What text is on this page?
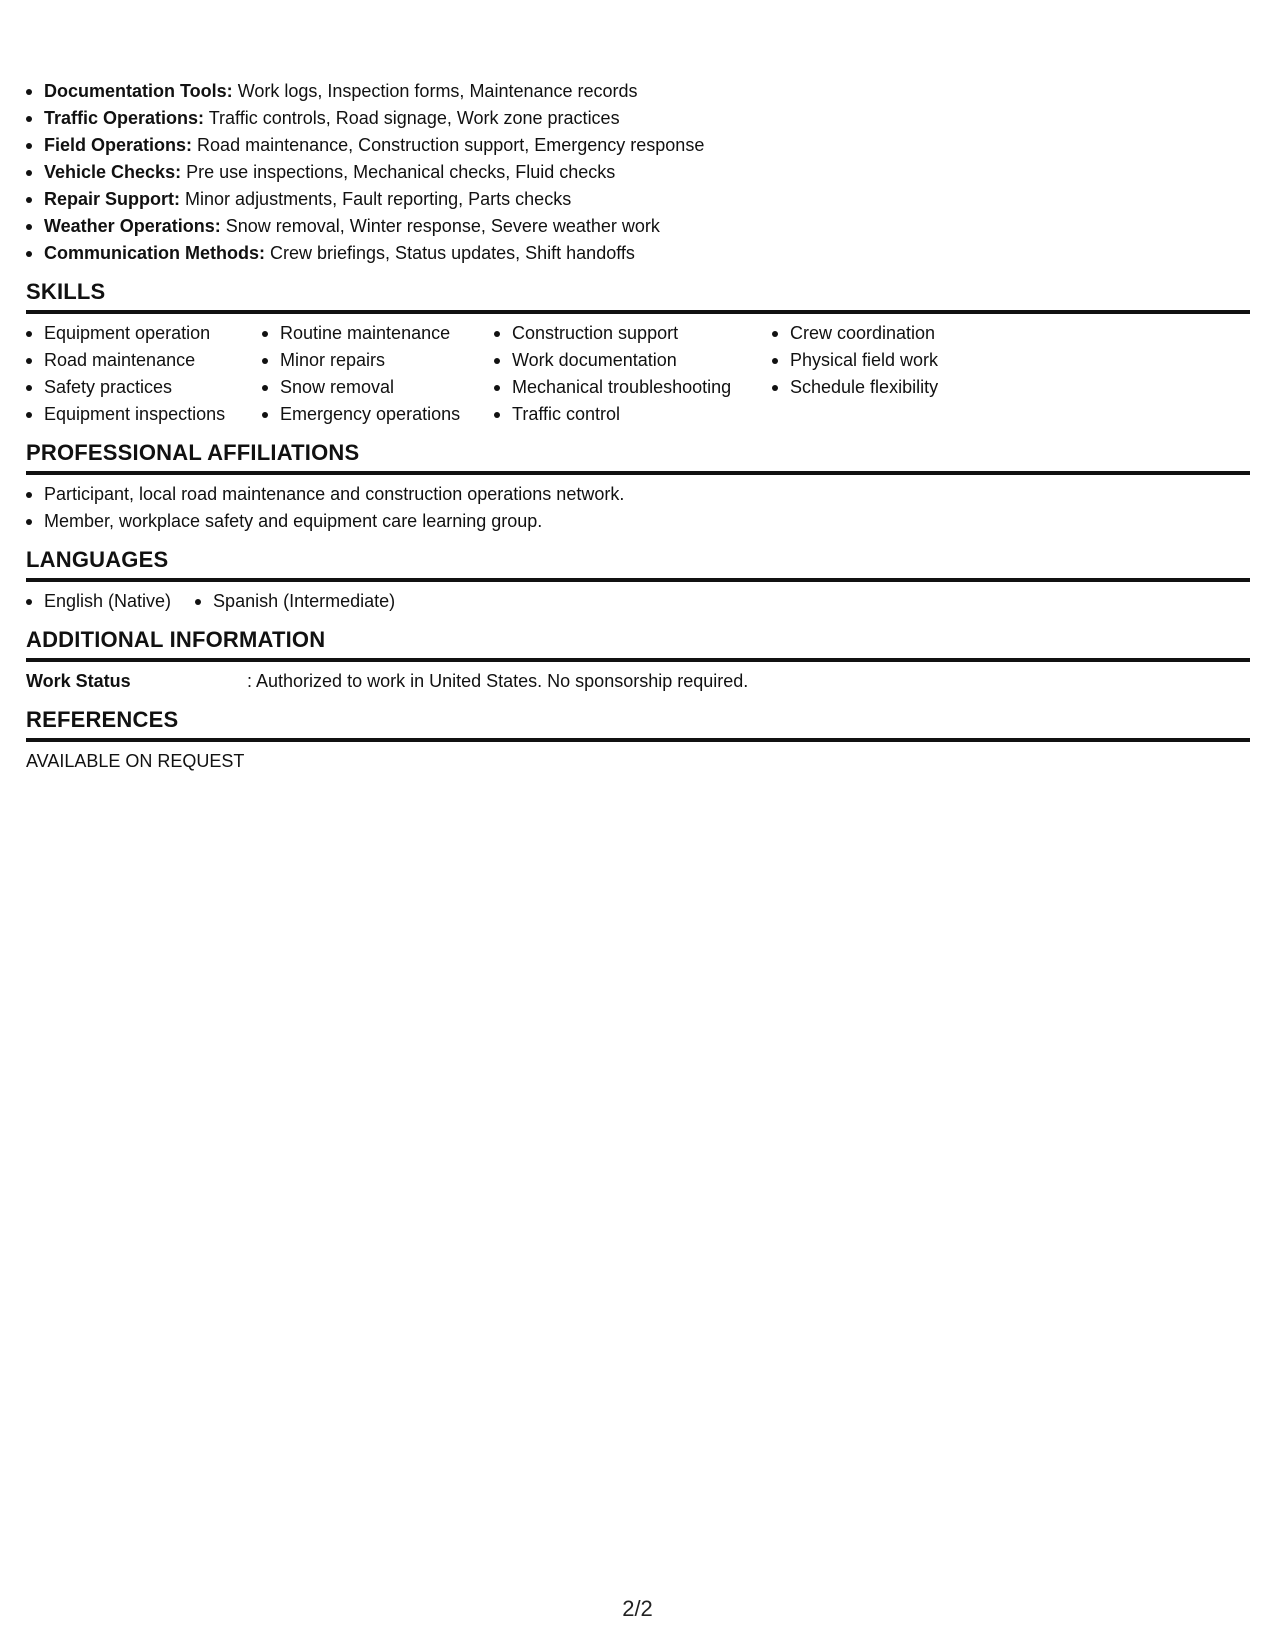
Documentation Tools: Work logs, Inspection forms, Maintenance records
Traffic Operations: Traffic controls, Road signage, Work zone practices
Field Operations: Road maintenance, Construction support, Emergency response
Vehicle Checks: Pre use inspections, Mechanical checks, Fluid checks
Repair Support: Minor adjustments, Fault reporting, Parts checks
Weather Operations: Snow removal, Winter response, Severe weather work
Communication Methods: Crew briefings, Status updates, Shift handoffs
SKILLS
Equipment operation
Road maintenance
Safety practices
Equipment inspections
Routine maintenance
Minor repairs
Snow removal
Emergency operations
Construction support
Work documentation
Mechanical troubleshooting
Traffic control
Crew coordination
Physical field work
Schedule flexibility
PROFESSIONAL AFFILIATIONS
Participant, local road maintenance and construction operations network.
Member, workplace safety and equipment care learning group.
LANGUAGES
English (Native)	Spanish (Intermediate)
ADDITIONAL INFORMATION
Work Status	: Authorized to work in United States. No sponsorship required.
REFERENCES
AVAILABLE ON REQUEST
2/2
